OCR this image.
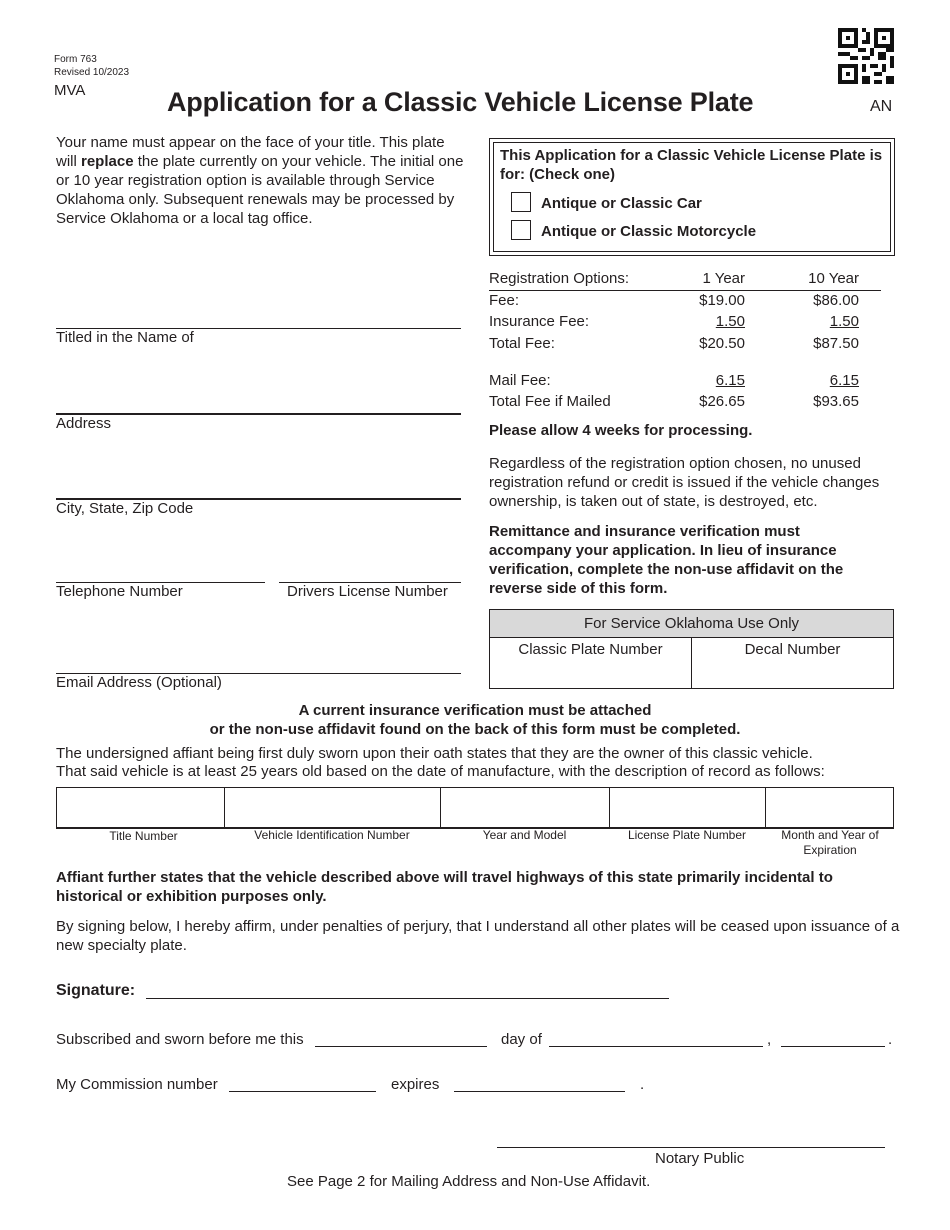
Form 763
Revised 10/2023
MVA	Application for a Classic Vehicle License Plate	AN
Your name must appear on the face of your title. This plate will replace the plate currently on your vehicle. The initial one or 10 year registration option is available through Service Oklahoma only. Subsequent renewals may be processed by Service Oklahoma or a local tag office.
This Application for a Classic Vehicle License Plate is for: (Check one)
Antique or Classic Car
Antique or Classic Motorcycle
Titled in the Name of
Address
City, State, Zip Code
Telephone Number	Drivers License Number
Email Address (Optional)
Registration Options:	1 Year	10 Year
Fee:	$19.00	$86.00
Insurance Fee:	1.50	1.50
Total Fee:	$20.50	$87.50
Mail Fee:	6.15	6.15
Total Fee if Mailed	$26.65	$93.65
Please allow 4 weeks for processing.
Regardless of the registration option chosen, no unused registration refund or credit is issued if the vehicle changes ownership, is taken out of state, is destroyed, etc.
Remittance and insurance verification must accompany your application. In lieu of insurance verification, complete the non-use affidavit on the reverse side of this form.
For Service Oklahoma Use Only
Classic Plate Number	Decal Number
A current insurance verification must be attached
or the non-use affidavit found on the back of this form must be completed.
The undersigned affiant being first duly sworn upon their oath states that they are the owner of this classic vehicle.
That said vehicle is at least 25 years old based on the date of manufacture, with the description of record as follows:
Title Number	Vehicle Identification Number	Year and Model	License Plate Number	Month and Year of Expiration
Affiant further states that the vehicle described above will travel highways of this state primarily incidental to historical or exhibition purposes only.
By signing below, I hereby affirm, under penalties of perjury, that I understand all other plates will be ceased upon issuance of a new specialty plate.
Signature:
Subscribed and sworn before me this	day of	,	.
My Commission number	expires	.
Notary Public
See Page 2 for Mailing Address and Non-Use Affidavit.
